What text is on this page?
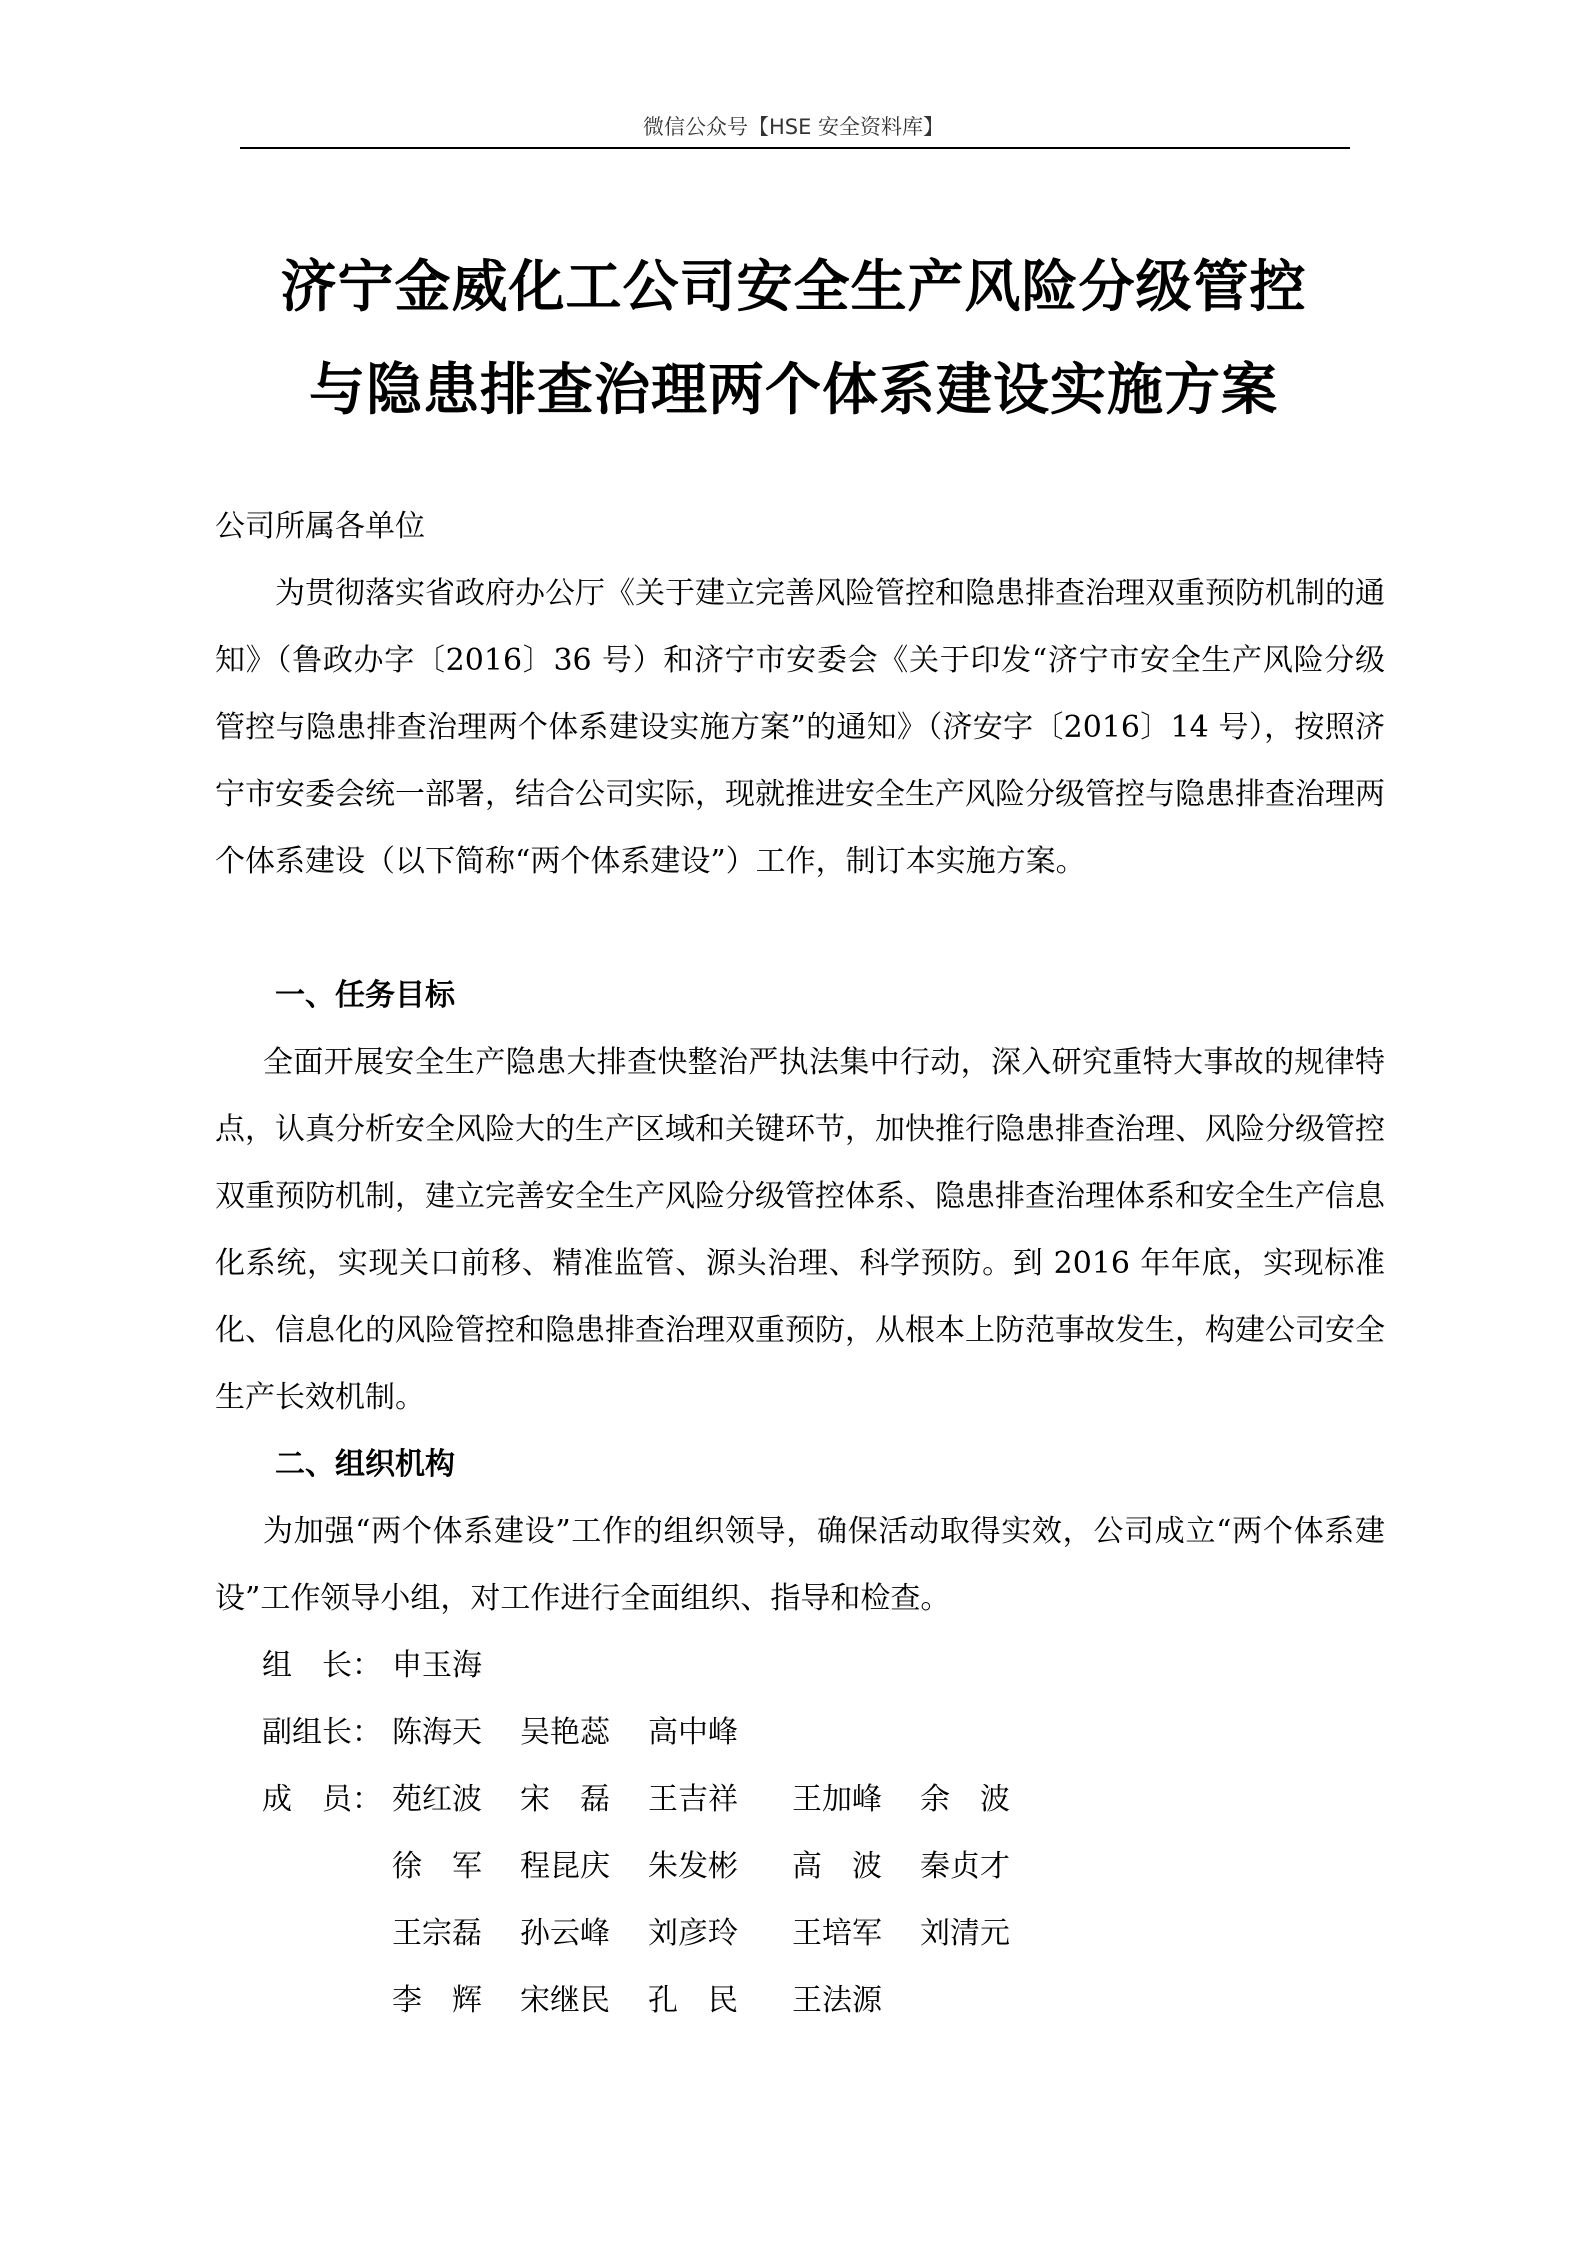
微信公众号【HSE 安全资料库】
济宁金威化工公司安全生产风险分级管控
与隐患排查治理两个体系建设实施方案

公司所属各单位

为贯彻落实省政府办公厅《关于建立完善风险管控和隐患排查治理双重预防机制的通知》（鲁政办字〔2016〕36 号）和济宁市安委会《关于印发“济宁市安全生产风险分级管控与隐患排查治理两个体系建设实施方案”的通知》（济安字〔2016〕14 号），按照济宁市安委会统一部署，结合公司实际，现就推进安全生产风险分级管控与隐患排查治理两个体系建设（以下简称“两个体系建设”）工作，制订本实施方案。

一、任务目标

全面开展安全生产隐患大排查快整治严执法集中行动，深入研究重特大事故的规律特点，认真分析安全风险大的生产区域和关键环节，加快推行隐患排查治理、风险分级管控双重预防机制，建立完善安全生产风险分级管控体系、隐患排查治理体系和安全生产信息化系统，实现关口前移、精准监管、源头治理、科学预防。到 2016 年年底，实现标准化、信息化的风险管控和隐患排查治理双重预防，从根本上防范事故发生，构建公司安全生产长效机制。

二、组织机构

为加强“两个体系建设”工作的组织领导，确保活动取得实效，公司成立“两个体系建设”工作领导小组，对工作进行全面组织、指导和检查。

组　长： 申玉海
副组长： 陈海天 吴艳蕊 高中峰
成　员： 苑红波 宋　磊 王吉祥 王加峰 余　波
徐　军 程昆庆 朱发彬 高　波 秦贞才
王宗磊 孙云峰 刘彦玲 王培军 刘清元
李　辉 宋继民 孔　民 王法源
